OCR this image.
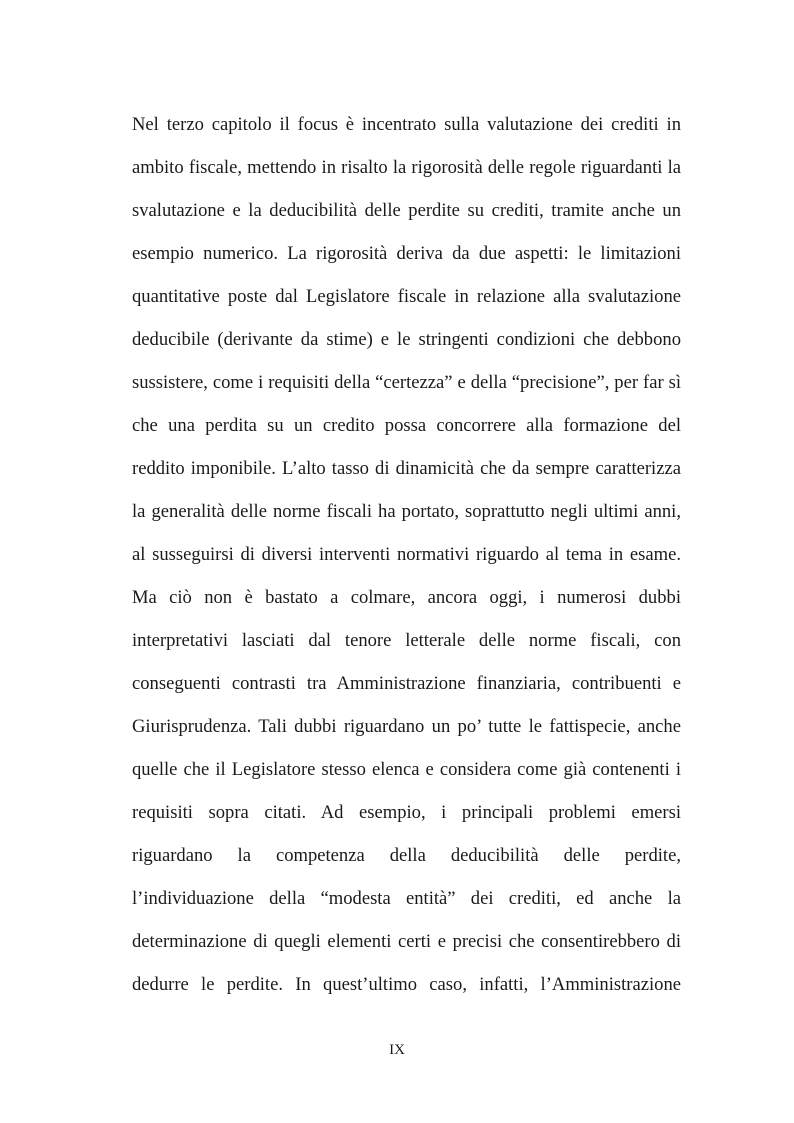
Nel terzo capitolo il focus è incentrato sulla valutazione dei crediti in
ambito fiscale, mettendo in risalto la rigorosità delle regole riguardanti la
svalutazione e la deducibilità delle perdite su crediti, tramite anche un
esempio numerico. La rigorosità deriva da due aspetti: le limitazioni
quantitative poste dal Legislatore fiscale in relazione alla svalutazione
deducibile (derivante da stime) e le stringenti condizioni che debbono
sussistere, come i requisiti della “certezza” e della “precisione”, per far sì
che una perdita su un credito possa concorrere alla formazione del
reddito imponibile. L’alto tasso di dinamicità che da sempre caratterizza
la generalità delle norme fiscali ha portato, soprattutto negli ultimi anni,
al susseguirsi di diversi interventi normativi riguardo al tema in esame.
Ma ciò non è bastato a colmare, ancora oggi, i numerosi dubbi
interpretativi lasciati dal tenore letterale delle norme fiscali, con
conseguenti contrasti tra Amministrazione finanziaria, contribuenti e
Giurisprudenza. Tali dubbi riguardano un po’ tutte le fattispecie, anche
quelle che il Legislatore stesso elenca e considera come già contenenti i
requisiti sopra citati. Ad esempio, i principali problemi emersi
riguardano la competenza della deducibilità delle perdite,
l’individuazione della “modesta entità” dei crediti, ed anche la
determinazione di quegli elementi certi e precisi che consentirebbero di
dedurre le perdite. In quest’ultimo caso, infatti, l’Amministrazione
IX
